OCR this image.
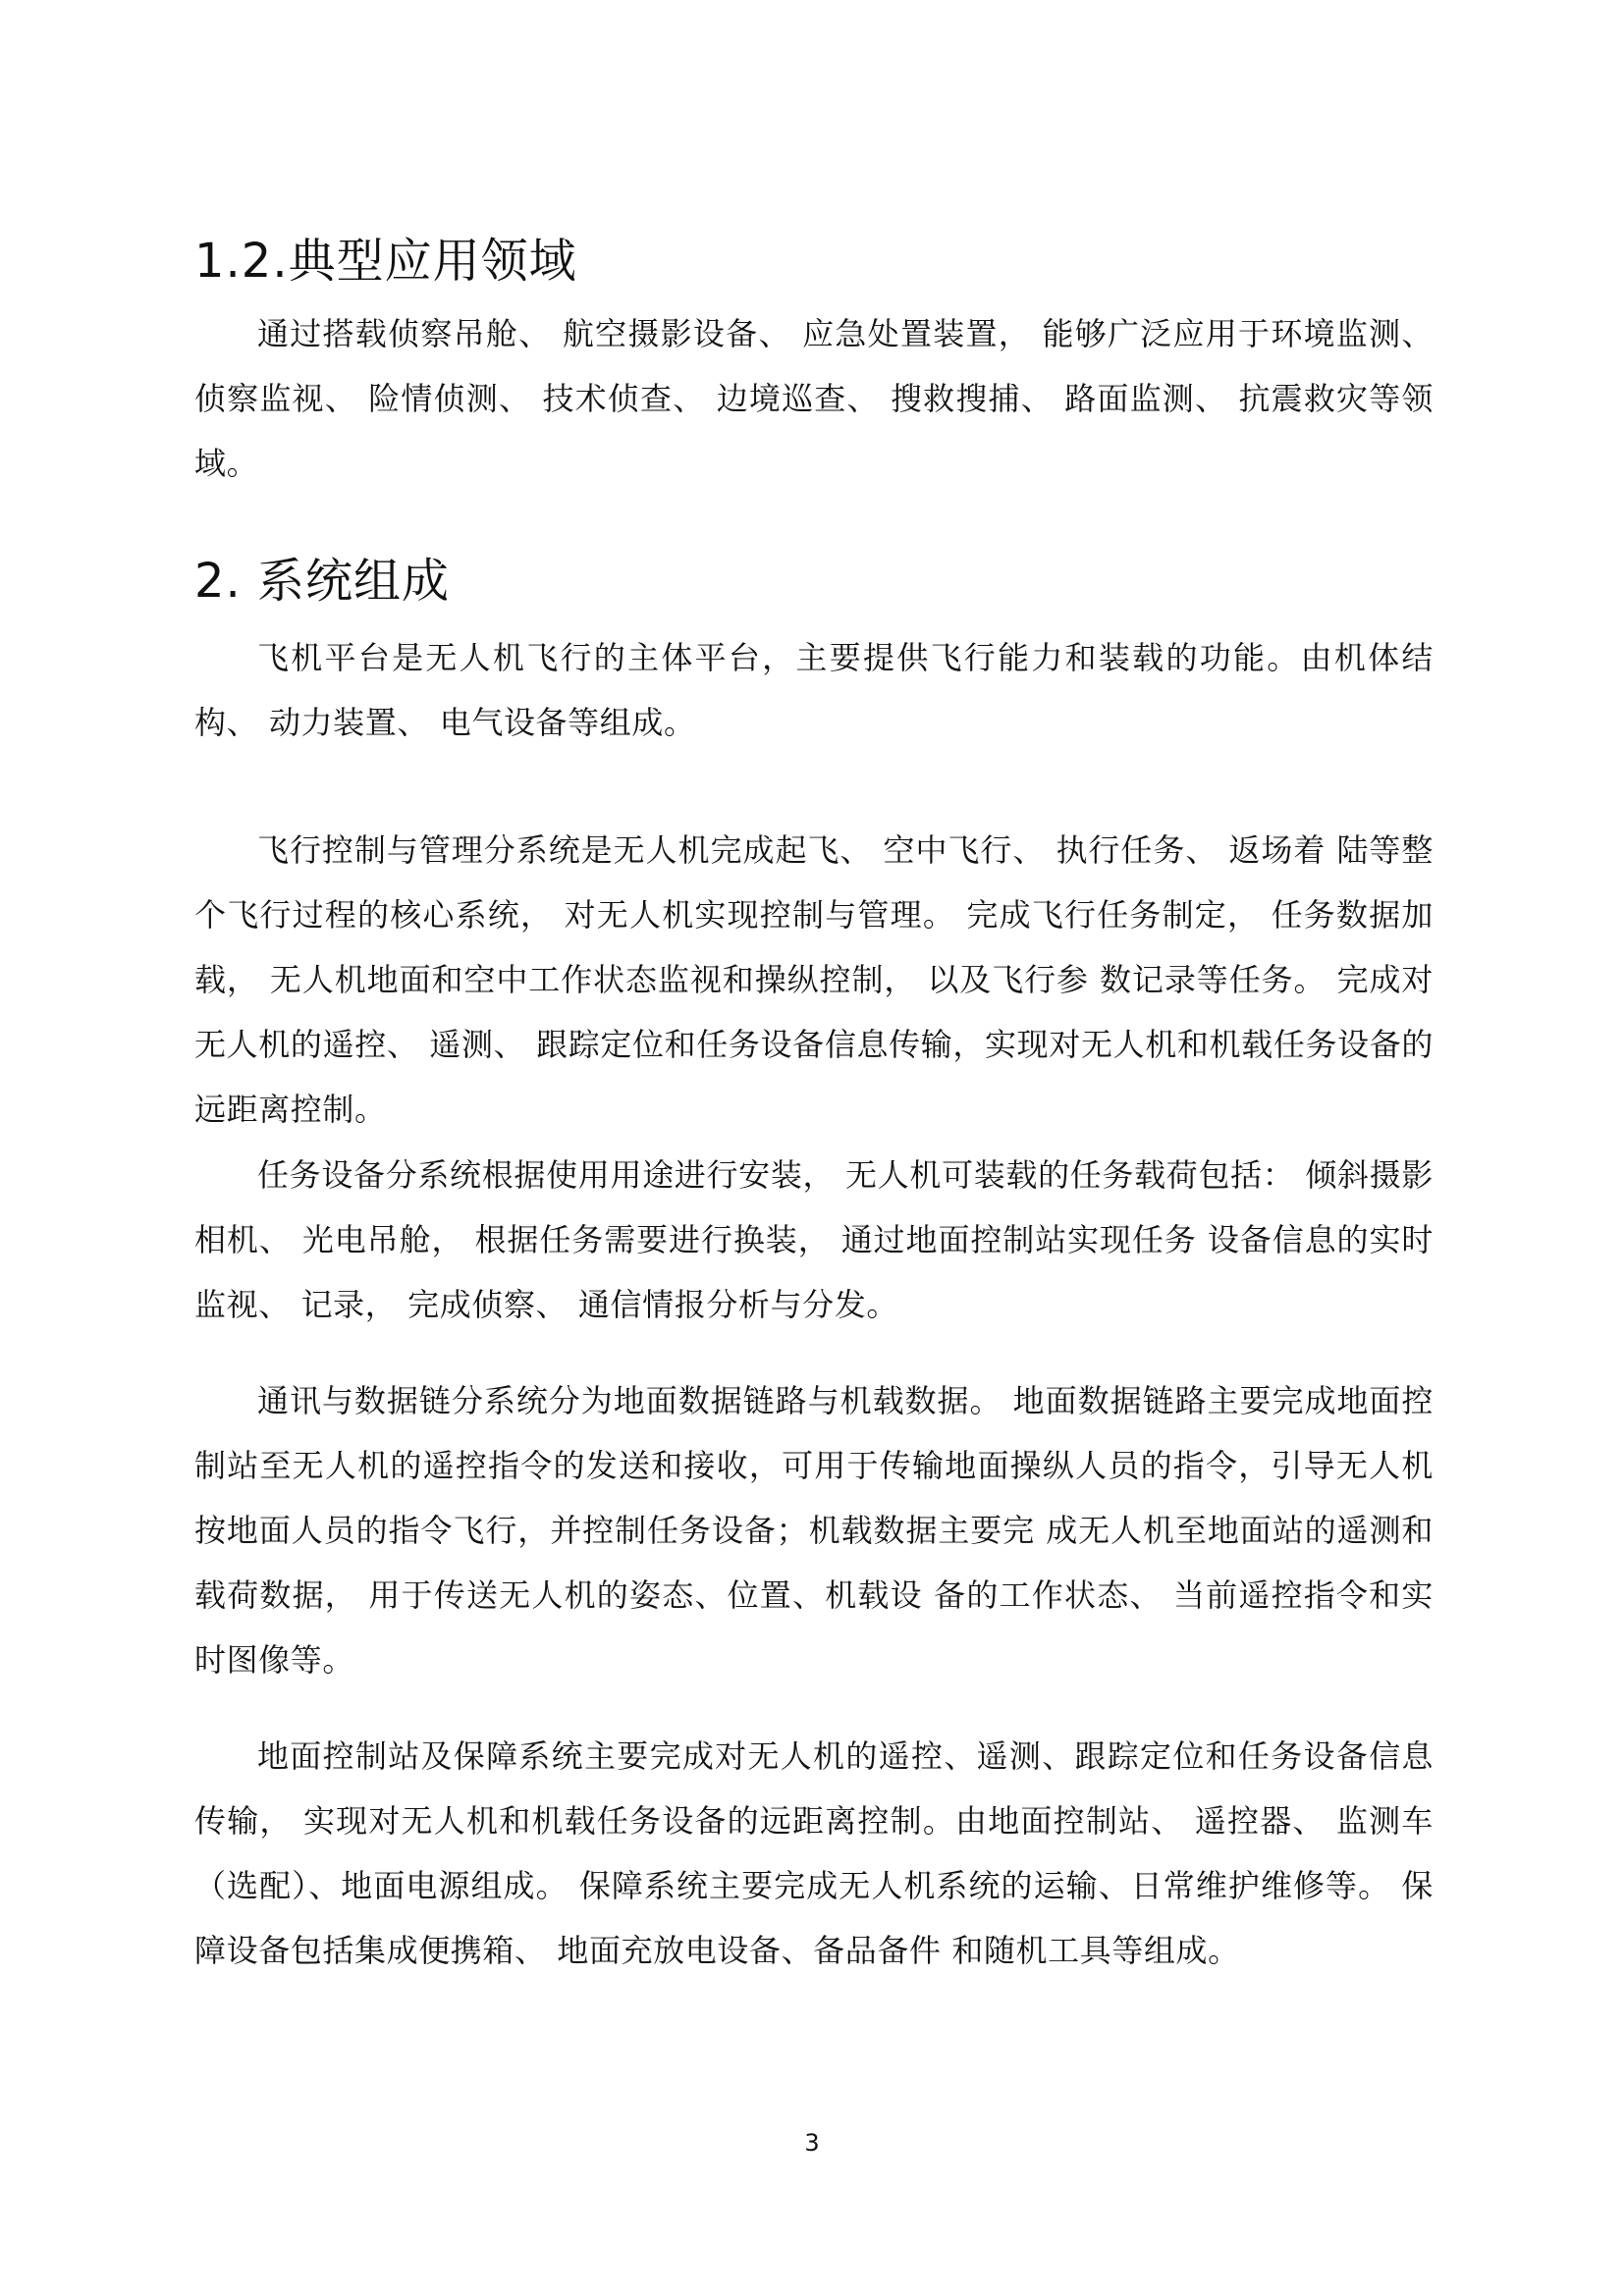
1.2.典型应用领域

通过搭载侦察吊舱、 航空摄影设备、 应急处置装置， 能够广泛应用于环境监测、 侦察监视、 险情侦测、 技术侦查、 边境巡查、 搜救搜捕、 路面监测、 抗震救灾等领域。

2. 系统组成

飞机平台是无人机飞行的主体平台，主要提供飞行能力和装载的功能。由机体结构、 动力装置、 电气设备等组成。

飞行控制与管理分系统是无人机完成起飞、 空中飞行、 执行任务、 返场着 陆等整个飞行过程的核心系统， 对无人机实现控制与管理。 完成飞行任务制定， 任务数据加载， 无人机地面和空中工作状态监视和操纵控制， 以及飞行参 数记录等任务。 完成对无人机的遥控、 遥测、 跟踪定位和任务设备信息传输，实现对无人机和机载任务设备的远距离控制。

任务设备分系统根据使用用途进行安装， 无人机可装载的任务载荷包括： 倾斜摄影相机、 光电吊舱， 根据任务需要进行换装， 通过地面控制站实现任务 设备信息的实时监视、 记录， 完成侦察、 通信情报分析与分发。

通讯与数据链分系统分为地面数据链路与机载数据。 地面数据链路主要完成地面控制站至无人机的遥控指令的发送和接收，可用于传输地面操纵人员的指令，引导无人机按地面人员的指令飞行，并控制任务设备；机载数据主要完 成无人机至地面站的遥测和载荷数据， 用于传送无人机的姿态、位置、机载设 备的工作状态、 当前遥控指令和实时图像等。

地面控制站及保障系统主要完成对无人机的遥控、遥测、跟踪定位和任务设备信息传输， 实现对无人机和机载任务设备的远距离控制。由地面控制站、 遥控器、 监测车 （选配）、地面电源组成。 保障系统主要完成无人机系统的运输、日常维护维修等。 保障设备包括集成便携箱、 地面充放电设备、备品备件 和随机工具等组成。

3
